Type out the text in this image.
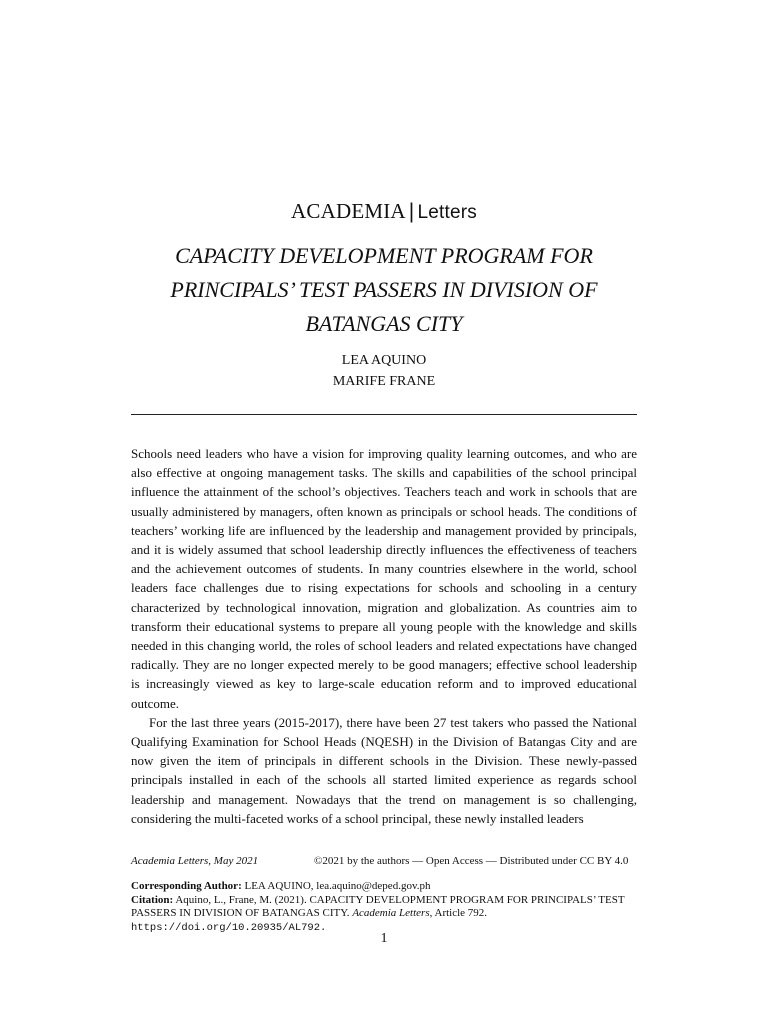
ACADEMIA | Letters
CAPACITY DEVELOPMENT PROGRAM FOR
PRINCIPALS’ TEST PASSERS IN DIVISION OF
BATANGAS CITY
LEA AQUINO
MARIFE FRANE

Schools need leaders who have a vision for improving quality learning outcomes, and who are also effective at ongoing management tasks. The skills and capabilities of the school principal influence the attainment of the school’s objectives. Teachers teach and work in schools that are usually administered by managers, often known as principals or school heads. The conditions of teachers’ working life are influenced by the leadership and management provided by principals, and it is widely assumed that school leadership directly influences the effectiveness of teachers and the achievement outcomes of students. In many countries elsewhere in the world, school leaders face challenges due to rising expectations for schools and schooling in a century characterized by technological innovation, migration and globalization. As countries aim to transform their educational systems to prepare all young people with the knowledge and skills needed in this changing world, the roles of school leaders and related expectations have changed radically. They are no longer expected merely to be good managers; effective school leadership is increasingly viewed as key to large-scale education reform and to improved educational outcome.

For the last three years (2015-2017), there have been 27 test takers who passed the National Qualifying Examination for School Heads (NQESH) in the Division of Batangas City and are now given the item of principals in different schools in the Division. These newly-passed principals installed in each of the schools all started limited experience as regards school leadership and management. Nowadays that the trend on management is so challenging, considering the multi-faceted works of a school principal, these newly installed leaders

Academia Letters, May 2021	©2021 by the authors — Open Access — Distributed under CC BY 4.0
Corresponding Author: LEA AQUINO, lea.aquino@deped.gov.ph
Citation: Aquino, L., Frane, M. (2021). CAPACITY DEVELOPMENT PROGRAM FOR PRINCIPALS’ TEST PASSERS IN DIVISION OF BATANGAS CITY. Academia Letters, Article 792.
https://doi.org/10.20935/AL792.
1
